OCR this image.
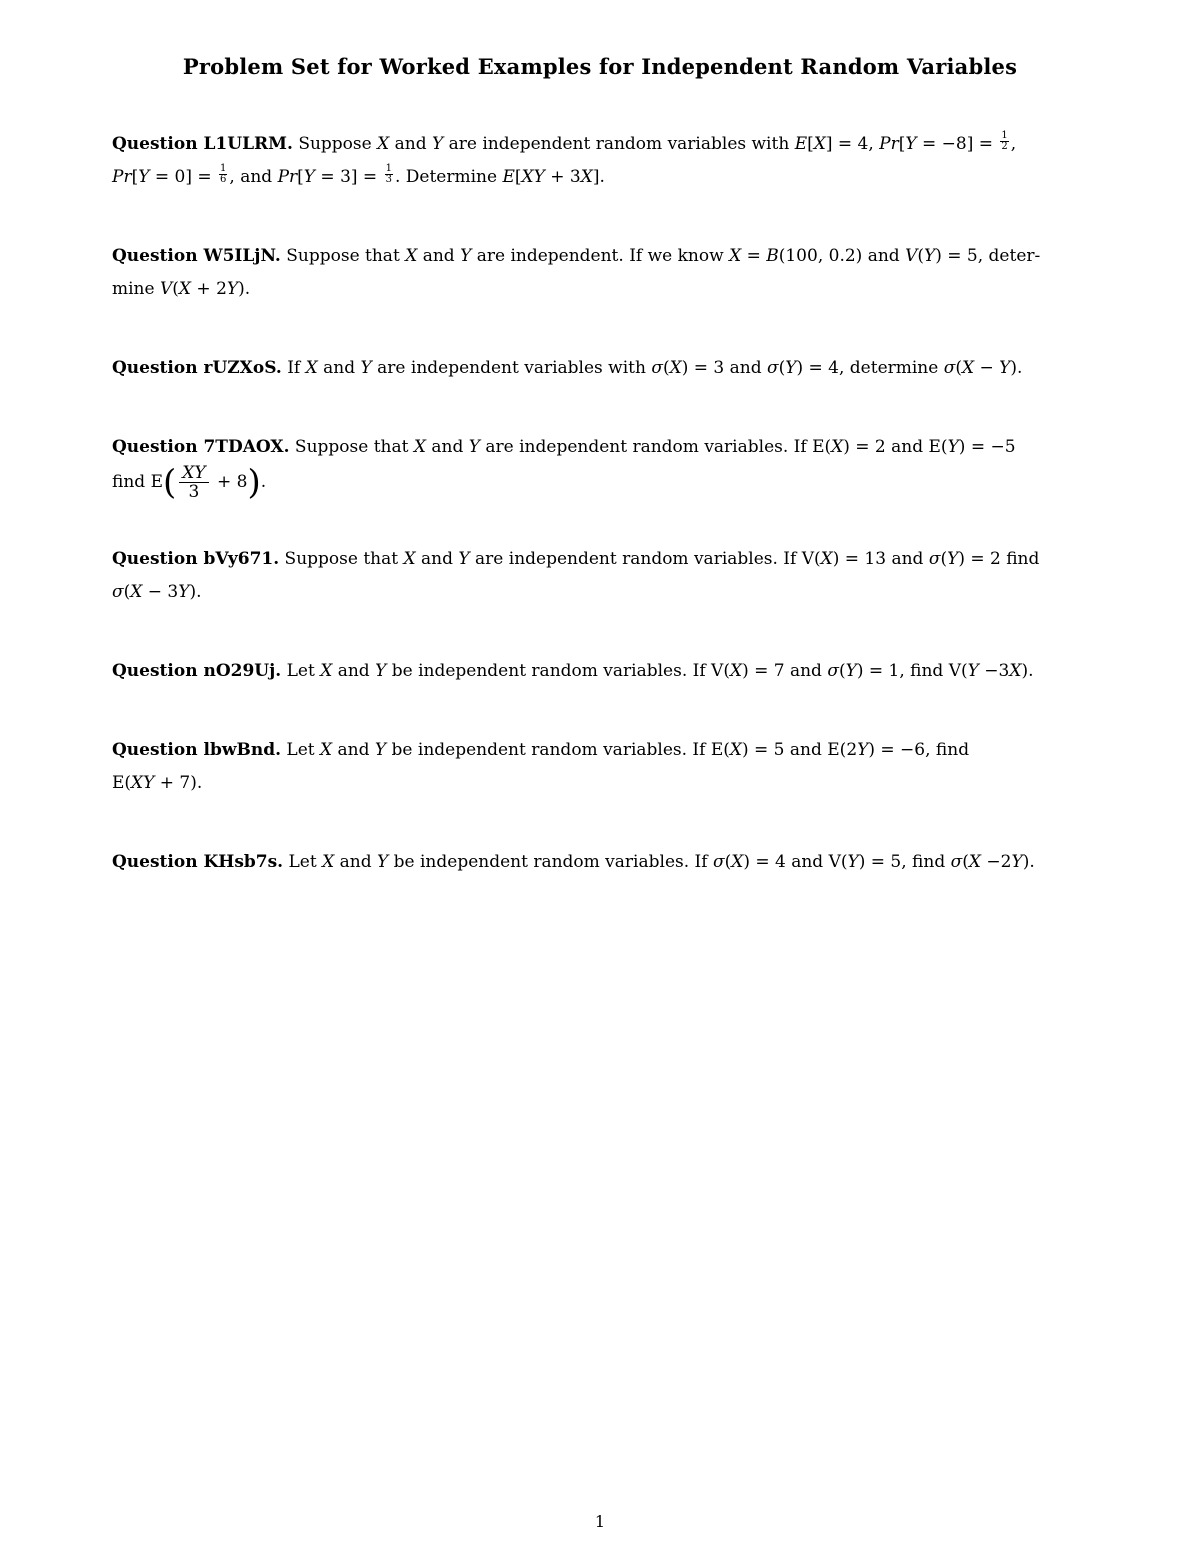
Problem Set for Worked Examples for Independent Random Variables
Question L1ULRM. Suppose X and Y are independent random variables with E[X] = 4, $Pr[Y = -8] = \frac{1}{2}$ ,
$Pr[Y = 0] = \frac{1}{6}$ , and $Pr[Y = 3] = \frac{1}{3}$ . Determine E[XY + 3X].
Question W5ILjN. Suppose that X and Y are independent. If we know X = B(100, 0.2) and V(Y) = 5, deter-
mine V(X + 2Y).
Question rUZXoS. If X and Y are independent variables with σ(X) = 3 and σ(Y) = 4, determine σ(X − Y).
Question 7TDAOX. Suppose that X and Y are independent random variables. If E(X) = 2 and E(Y) = −5
find $E( \frac{XY}{3} + 8)$.
Question bVy671. Suppose that X and Y are independent random variables. If V(X) = 13 and σ(Y) = 2 find
σ(X − 3Y).
Question nO29Uj. Let X and Y be independent random variables. If V(X) = 7 and σ(Y) = 1, find V(Y −3X).
Question lbwBnd. Let X and Y be independent random variables. If E(X) = 5 and E(2Y) = −6, find
E(XY + 7).
Question KHsb7s. Let X and Y be independent random variables. If σ(X) = 4 and V(Y) = 5, find σ(X −2Y).
1
